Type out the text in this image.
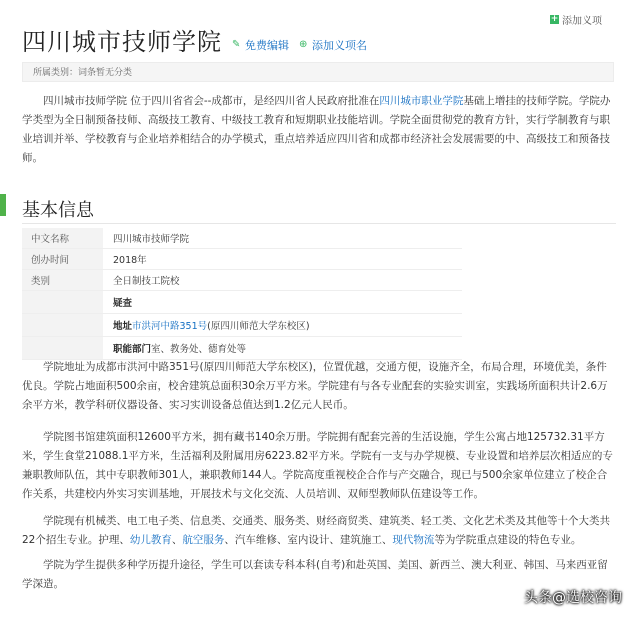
+ 添加义项
四川城市技师学院 ✎ 免费编辑 ⊕ 添加义项名
所属类别：词条暂无分类

四川城市技师学院 位于四川省省会--成都市，是经四川省人民政府批准在四川城市职业学院基础上增挂的技师学院。学院办学类型为全日制预备技师、高级技工教育、中级技工教育和短期职业技能培训。学院全面贯彻党的教育方针，实行学制教育与职业培训并举、学校教育与企业培养相结合的办学模式，重点培养适应四川省和成都市经济社会发展需要的中、高级技工和预备技师。

基本信息
中文名称	四川城市技师学院
创办时间	2018年
类别	全日制技工院校
	疑查
	地址市洪河中路351号(原四川师范大学东校区)
	职能部门室、教务处、德育处等

学院地址为成都市洪河中路351号(原四川师范大学东校区)，位置优越，交通方便，设施齐全，布局合理，环境优美，条件优良。学院占地面积500余亩，校舍建筑总面积30余万平方米。学院建有与各专业配套的实验实训室，实践场所面积共计2.6万余平方米，教学科研仪器设备、实习实训设备总值达到1.2亿元人民币。

学院图书馆建筑面积12600平方米，拥有藏书140余万册。学院拥有配套完善的生活设施，学生公寓占地125732.31平方米，学生食堂21088.1平方米，生活福利及附属用房6223.82平方米。学院有一支与办学规模、专业设置和培养层次相适应的专兼职教师队伍，其中专职教师301人，兼职教师144人。学院高度重视校企合作与产交融合，现已与500余家单位建立了校企合作关系，共建校内外实习实训基地，开展技术与文化交流、人员培训、双师型教师队伍建设等工作。

学院现有机械类、电工电子类、信息类、交通类、服务类、财经商贸类、建筑类、轻工类、文化艺术类及其他等十个大类共22个招生专业。护理、幼儿教育、航空服务、汽车维修、室内设计、建筑施工、现代物流等为学院重点建设的特色专业。

学院为学生提供多种学历提升途径，学生可以套读专科本科(自考)和赴英国、美国、新西兰、澳大利亚、韩国、马来西亚留学深造。

头条@选校咨询
